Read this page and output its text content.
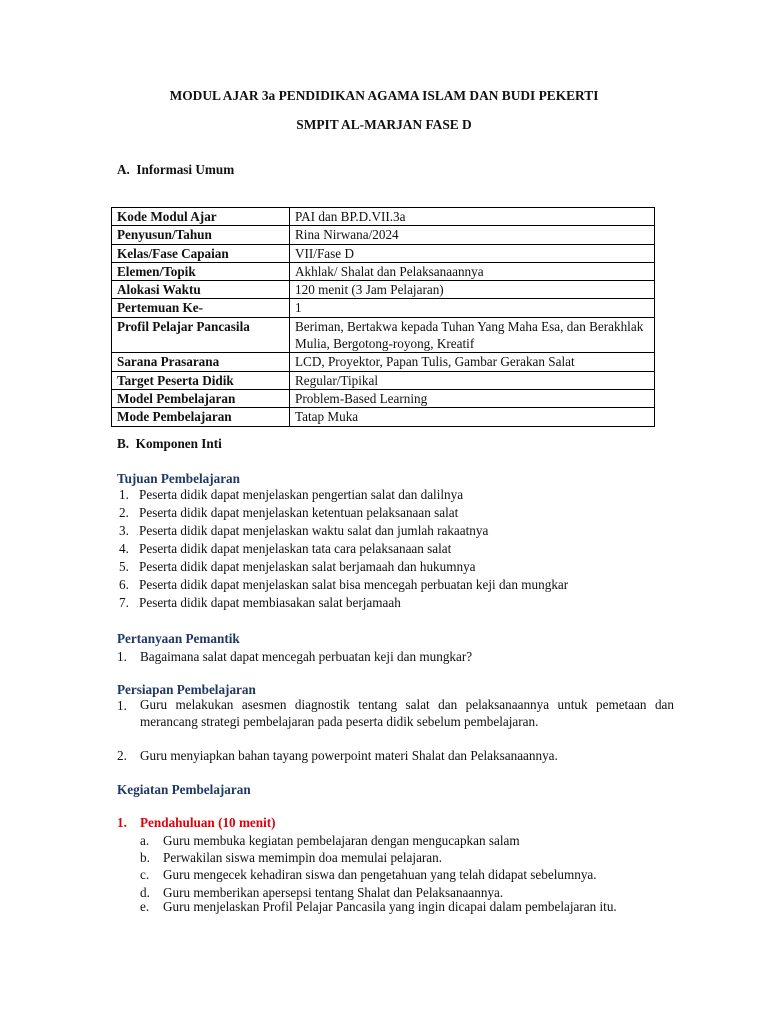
MODUL AJAR 3a PENDIDIKAN AGAMA ISLAM DAN BUDI PEKERTI
SMPIT AL-MARJAN FASE D
A.  Informasi Umum
Kode Modul Ajar	PAI dan BP.D.VII.3a
Penyusun/Tahun	Rina Nirwana/2024
Kelas/Fase Capaian	VII/Fase D
Elemen/Topik	Akhlak/ Shalat dan Pelaksanaannya
Alokasi Waktu	120 menit (3 Jam Pelajaran)
Pertemuan Ke-	1
Profil Pelajar Pancasila	Beriman, Bertakwa kepada Tuhan Yang Maha Esa, dan Berakhlak Mulia, Bergotong-royong, Kreatif
Sarana Prasarana	LCD, Proyektor, Papan Tulis, Gambar Gerakan Salat
Target Peserta Didik	Regular/Tipikal
Model Pembelajaran	Problem-Based Learning
Mode Pembelajaran	Tatap Muka
B.  Komponen Inti
Tujuan Pembelajaran
1. Peserta didik dapat menjelaskan pengertian salat dan dalilnya
2. Peserta didik dapat menjelaskan ketentuan pelaksanaan salat
3. Peserta didik dapat menjelaskan waktu salat dan jumlah rakaatnya
4. Peserta didik dapat menjelaskan tata cara pelaksanaan salat
5. Peserta didik dapat menjelaskan salat berjamaah dan hukumnya
6. Peserta didik dapat menjelaskan salat bisa mencegah perbuatan keji dan mungkar
7. Peserta didik dapat membiasakan salat berjamaah
Pertanyaan Pemantik
1. Bagaimana salat dapat mencegah perbuatan keji dan mungkar?
Persiapan Pembelajaran
1. Guru melakukan asesmen diagnostik tentang salat dan pelaksanaannya untuk pemetaan dan merancang strategi pembelajaran pada peserta didik sebelum pembelajaran.
2. Guru menyiapkan bahan tayang powerpoint materi Shalat dan Pelaksanaannya.
Kegiatan Pembelajaran
1. Pendahuluan (10 menit)
a. Guru membuka kegiatan pembelajaran dengan mengucapkan salam
b. Perwakilan siswa memimpin doa memulai pelajaran.
c. Guru mengecek kehadiran siswa dan pengetahuan yang telah didapat sebelumnya.
d. Guru memberikan apersepsi tentang Shalat dan Pelaksanaannya.
Guru menjelaskan Profil Pelajar Pancasila yang ingin dicapai dalam pembelajaran itu.
e.
